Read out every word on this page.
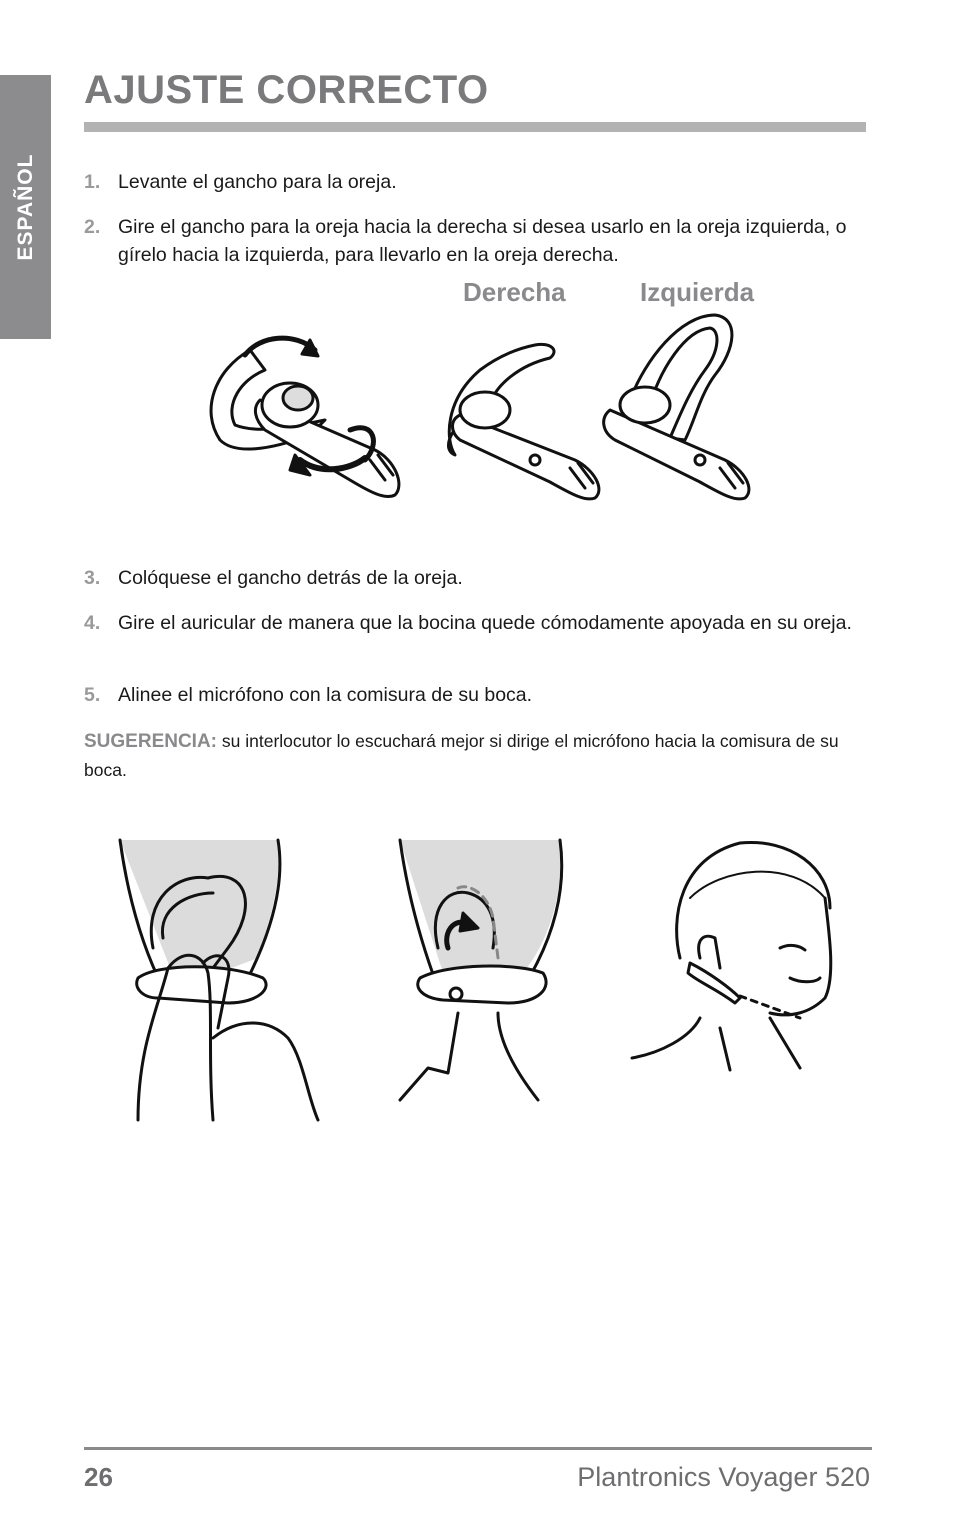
ESPAÑOL
AJUSTE CORRECTO
1. Levante el gancho para la oreja.
2. Gire el gancho para la oreja hacia la derecha si desea usarlo en la oreja izquierda, o gírelo hacia la izquierda, para llevarlo en la oreja derecha.
Derecha	Izquierda
3. Colóquese el gancho detrás de la oreja.
4. Gire el auricular de manera que la bocina quede cómodamente apoyada en su oreja.
5. Alinee el micrófono con la comisura de su boca.
SUGERENCIA: su interlocutor lo escuchará mejor si dirige el micrófono hacia la comisura de su boca.
26	Plantronics Voyager 520
